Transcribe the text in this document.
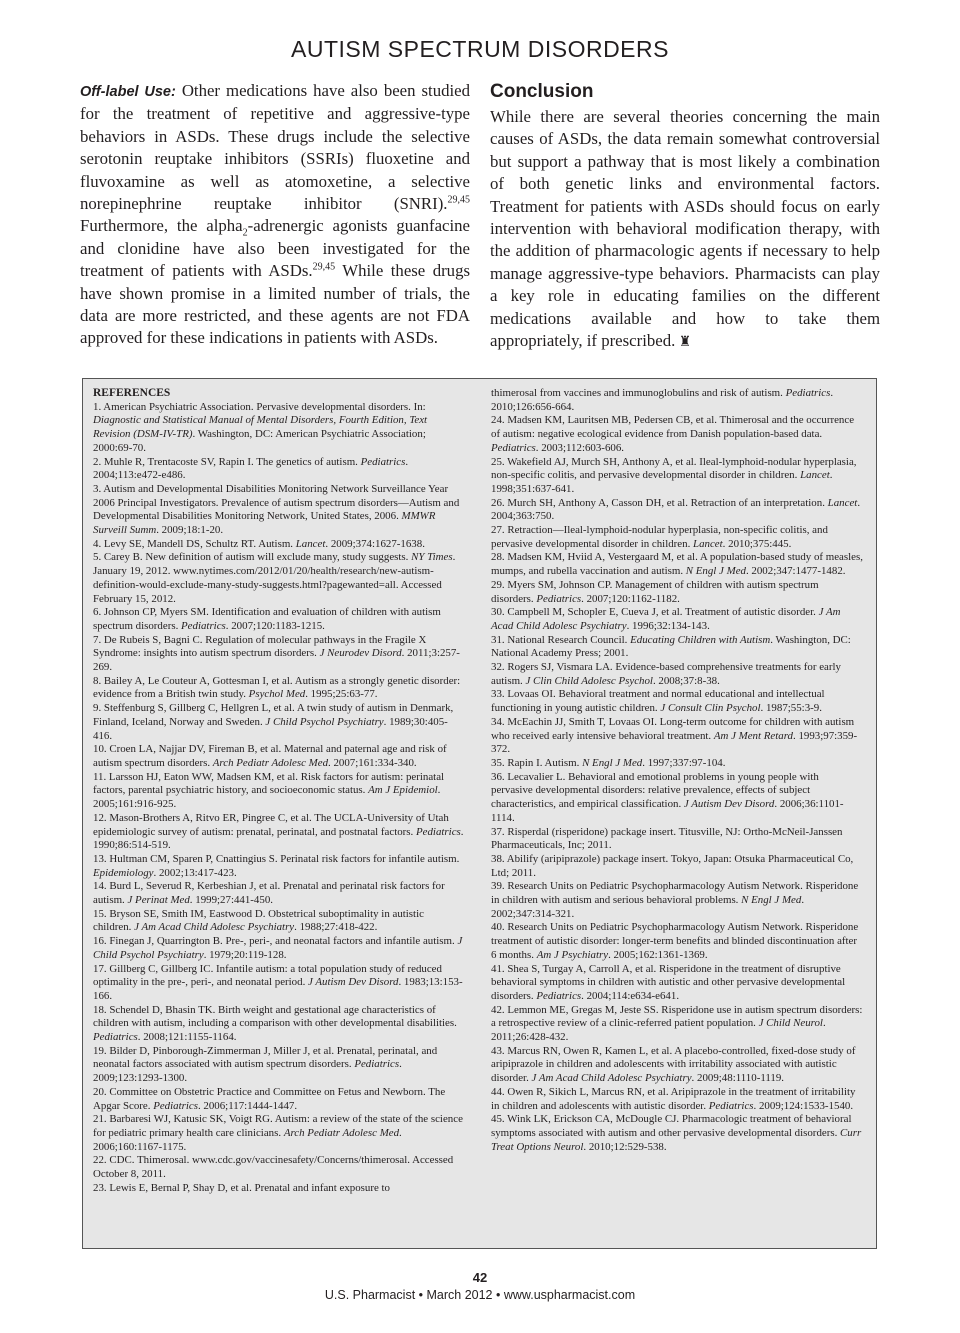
AUTISM SPECTRUM DISORDERS

Off-label Use: Other medications have also been studied for the treatment of repetitive and aggressive-type behaviors in ASDs. These drugs include the selective serotonin reuptake inhibitors (SSRIs) fluoxetine and fluvoxamine as well as atomoxetine, a selective norepinephrine reuptake inhibitor (SNRI).$^{29,45}$ Furthermore, the alpha$_2$-adrenergic agonists guanfacine and clonidine have also been investigated for the treatment of patients with ASDs.$^{29,45}$ While these drugs have shown promise in a limited number of trials, the data are more restricted, and these agents are not FDA approved for these indications in patients with ASDs.

Conclusion

While there are several theories concerning the main causes of ASDs, the data remain somewhat controversial but support a pathway that is most likely a combination of both genetic links and environmental factors. Treatment for patients with ASDs should focus on early intervention with behavioral modification therapy, with the addition of pharmacologic agents if necessary to help manage aggressive-type behaviors. Pharmacists can play a key role in educating families on the different medications available and how to take them appropriately, if prescribed. ♜

REFERENCES

1. American Psychiatric Association. Pervasive developmental disorders. In: Diagnostic and Statistical Manual of Mental Disorders, Fourth Edition, Text Revision (DSM-IV-TR). Washington, DC: American Psychiatric Association; 2000:69-70.

2. Muhle R, Trentacoste SV, Rapin I. The genetics of autism. Pediatrics. 2004;113:e472-e486.

3. Autism and Developmental Disabilities Monitoring Network Surveillance Year 2006 Principal Investigators. Prevalence of autism spectrum disorders—Autism and Developmental Disabilities Monitoring Network, United States, 2006. MMWR Surveill Summ. 2009;18:1-20.

4. Levy SE, Mandell DS, Schultz RT. Autism. Lancet. 2009;374:1627-1638.

5. Carey B. New definition of autism will exclude many, study suggests. NY Times. January 19, 2012. www.nytimes.com/2012/01/20/health/research/new-autism-definition-would-exclude-many-study-suggests.html?pagewanted=all. Accessed February 15, 2012.

6. Johnson CP, Myers SM. Identification and evaluation of children with autism spectrum disorders. Pediatrics. 2007;120:1183-1215.

7. De Rubeis S, Bagni C. Regulation of molecular pathways in the Fragile X Syndrome: insights into autism spectrum disorders. J Neurodev Disord. 2011;3:257-269.

8. Bailey A, Le Couteur A, Gottesman I, et al. Autism as a strongly genetic disorder: evidence from a British twin study. Psychol Med. 1995;25:63-77.

9. Steffenburg S, Gillberg C, Hellgren L, et al. A twin study of autism in Denmark, Finland, Iceland, Norway and Sweden. J Child Psychol Psychiatry. 1989;30:405-416.

10. Croen LA, Najjar DV, Fireman B, et al. Maternal and paternal age and risk of autism spectrum disorders. Arch Pediatr Adolesc Med. 2007;161:334-340.

11. Larsson HJ, Eaton WW, Madsen KM, et al. Risk factors for autism: perinatal factors, parental psychiatric history, and socioeconomic status. Am J Epidemiol. 2005;161:916-925.

12. Mason-Brothers A, Ritvo ER, Pingree C, et al. The UCLA-University of Utah epidemiologic survey of autism: prenatal, perinatal, and postnatal factors. Pediatrics. 1990;86:514-519.

13. Hultman CM, Sparen P, Cnattingius S. Perinatal risk factors for infantile autism. Epidemiology. 2002;13:417-423.

14. Burd L, Severud R, Kerbeshian J, et al. Prenatal and perinatal risk factors for autism. J Perinat Med. 1999;27:441-450.

15. Bryson SE, Smith IM, Eastwood D. Obstetrical suboptimality in autistic children. J Am Acad Child Adolesc Psychiatry. 1988;27:418-422.

16. Finegan J, Quarrington B. Pre-, peri-, and neonatal factors and infantile autism. J Child Psychol Psychiatry. 1979;20:119-128.

17. Gillberg C, Gillberg IC. Infantile autism: a total population study of reduced optimality in the pre-, peri-, and neonatal period. J Autism Dev Disord. 1983;13:153-166.

18. Schendel D, Bhasin TK. Birth weight and gestational age characteristics of children with autism, including a comparison with other developmental disabilities. Pediatrics. 2008;121:1155-1164.

19. Bilder D, Pinborough-Zimmerman J, Miller J, et al. Prenatal, perinatal, and neonatal factors associated with autism spectrum disorders. Pediatrics. 2009;123:1293-1300.

20. Committee on Obstetric Practice and Committee on Fetus and Newborn. The Apgar Score. Pediatrics. 2006;117:1444-1447.

21. Barbaresi WJ, Katusic SK, Voigt RG. Autism: a review of the state of the science for pediatric primary health care clinicians. Arch Pediatr Adolesc Med. 2006;160:1167-1175.

22. CDC. Thimerosal. www.cdc.gov/vaccinesafety/Concerns/thimerosal. Accessed October 8, 2011.

23. Lewis E, Bernal P, Shay D, et al. Prenatal and infant exposure to

thimerosal from vaccines and immunoglobulins and risk of autism. Pediatrics. 2010;126:656-664.

24. Madsen KM, Lauritsen MB, Pedersen CB, et al. Thimerosal and the occurrence of autism: negative ecological evidence from Danish population-based data. Pediatrics. 2003;112:603-606.

25. Wakefield AJ, Murch SH, Anthony A, et al. Ileal-lymphoid-nodular hyperplasia, non-specific colitis, and pervasive developmental disorder in children. Lancet. 1998;351:637-641.

26. Murch SH, Anthony A, Casson DH, et al. Retraction of an interpretation. Lancet. 2004;363:750.

27. Retraction—Ileal-lymphoid-nodular hyperplasia, non-specific colitis, and pervasive developmental disorder in children. Lancet. 2010;375:445.

28. Madsen KM, Hviid A, Vestergaard M, et al. A population-based study of measles, mumps, and rubella vaccination and autism. N Engl J Med. 2002;347:1477-1482.

29. Myers SM, Johnson CP. Management of children with autism spectrum disorders. Pediatrics. 2007;120:1162-1182.

30. Campbell M, Schopler E, Cueva J, et al. Treatment of autistic disorder. J Am Acad Child Adolesc Psychiatry. 1996;32:134-143.

31. National Research Council. Educating Children with Autism. Washington, DC: National Academy Press; 2001.

32. Rogers SJ, Vismara LA. Evidence-based comprehensive treatments for early autism. J Clin Child Adolesc Psychol. 2008;37:8-38.

33. Lovaas OI. Behavioral treatment and normal educational and intellectual functioning in young autistic children. J Consult Clin Psychol. 1987;55:3-9.

34. McEachin JJ, Smith T, Lovaas OI. Long-term outcome for children with autism who received early intensive behavioral treatment. Am J Ment Retard. 1993;97:359-372.

35. Rapin I. Autism. N Engl J Med. 1997;337:97-104.

36. Lecavalier L. Behavioral and emotional problems in young people with pervasive developmental disorders: relative prevalence, effects of subject characteristics, and empirical classification. J Autism Dev Disord. 2006;36:1101-1114.

37. Risperdal (risperidone) package insert. Titusville, NJ: Ortho-McNeil-Janssen Pharmaceuticals, Inc; 2011.

38. Abilify (aripiprazole) package insert. Tokyo, Japan: Otsuka Pharmaceutical Co, Ltd; 2011.

39. Research Units on Pediatric Psychopharmacology Autism Network. Risperidone in children with autism and serious behavioral problems. N Engl J Med. 2002;347:314-321.

40. Research Units on Pediatric Psychopharmacology Autism Network. Risperidone treatment of autistic disorder: longer-term benefits and blinded discontinuation after 6 months. Am J Psychiatry. 2005;162:1361-1369.

41. Shea S, Turgay A, Carroll A, et al. Risperidone in the treatment of disruptive behavioral symptoms in children with autistic and other pervasive developmental disorders. Pediatrics. 2004;114:e634-e641.

42. Lemmon ME, Gregas M, Jeste SS. Risperidone use in autism spectrum disorders: a retrospective review of a clinic-referred patient population. J Child Neurol. 2011;26:428-432.

43. Marcus RN, Owen R, Kamen L, et al. A placebo-controlled, fixed-dose study of aripiprazole in children and adolescents with irritability associated with autistic disorder. J Am Acad Child Adolesc Psychiatry. 2009;48:1110-1119.

44. Owen R, Sikich L, Marcus RN, et al. Aripiprazole in the treatment of irritability in children and adolescents with autistic disorder. Pediatrics. 2009;124:1533-1540.

45. Wink LK, Erickson CA, McDougle CJ. Pharmacologic treatment of behavioral symptoms associated with autism and other pervasive developmental disorders. Curr Treat Options Neurol. 2010;12:529-538.

42
U.S. Pharmacist • March 2012 • www.uspharmacist.com
